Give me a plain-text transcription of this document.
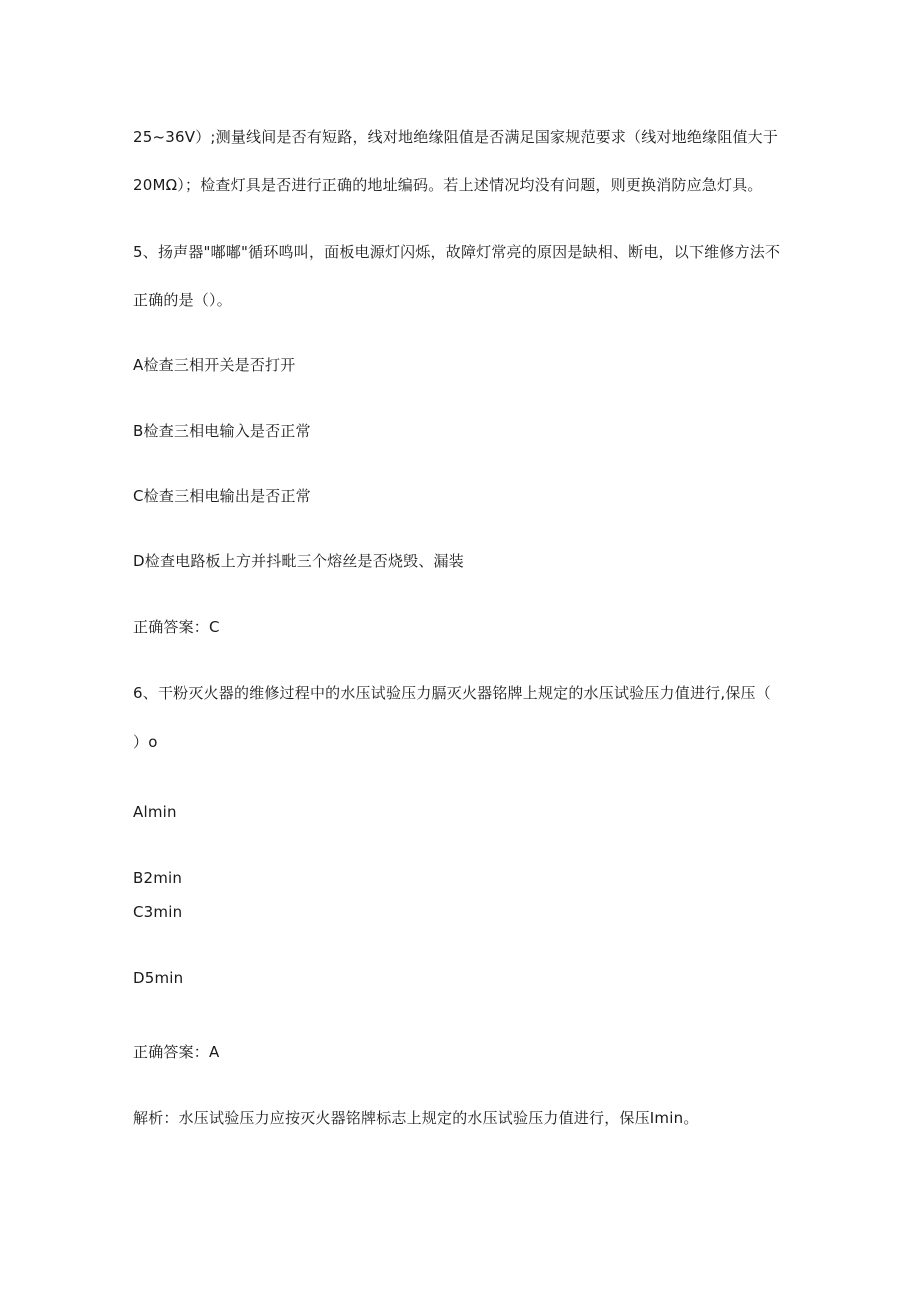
25~36V）;测量线间是否有短路，线对地绝缘阻值是否满足国家规范要求（线对地绝缘阻值大于
20MΩ）；检查灯具是否进行正确的地址编码。若上述情况均没有问题，则更换消防应急灯具。
5、扬声器"嘟嘟"循环鸣叫，面板电源灯闪烁，故障灯常亮的原因是缺相、断电，以下维修方法不
正确的是（）。
A检查三相开关是否打开
B检查三相电输入是否正常
C检查三相电输出是否正常
D检查电路板上方并抖毗三个熔丝是否烧毁、漏装
正确答案：C
6、干粉灭火器的维修过程中的水压试验压力膈灭火器铭牌上规定的水压试验压力值进行,保压（
）o
Almin
B2min
C3min
D5min
正确答案：A
解析：水压试验压力应按灭火器铭牌标志上规定的水压试验压力值进行，保压Imin。
